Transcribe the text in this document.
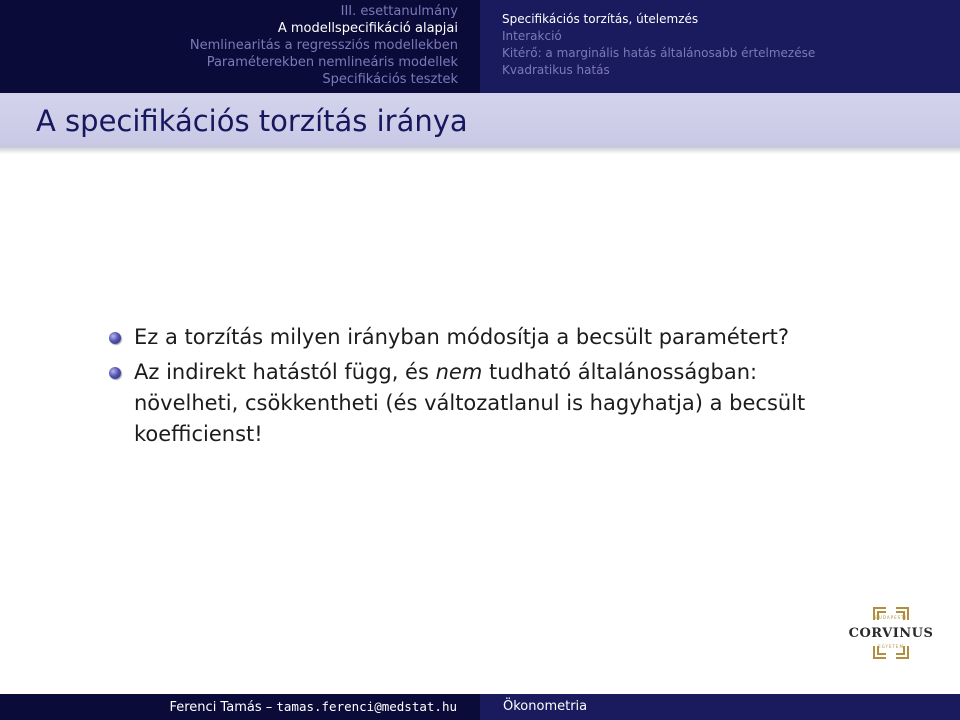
III. esettanulmány
A modellspecifikáció alapjai
Nemlinearitás a regressziós modellekben
Paraméterekben nemlineáris modellek
Specifikációs tesztek
Specifikációs torzítás, útelemzés
Interakció
Kitérő: a marginális hatás általánosabb értelmezése
Kvadratikus hatás
A specifikációs torzítás iránya
Ez a torzítás milyen irányban módosítja a becsült paramétert?
Az indirekt hatástól függ, és nem tudható általánosságban: növelheti, csökkentheti (és változatlanul is hagyhatja) a becsült koefficienst!
BUDAPESTI
CORVINUS
EGYETEM
Ferenci Tamás – tamas.ferenci@medstat.hu	Ökonometria
